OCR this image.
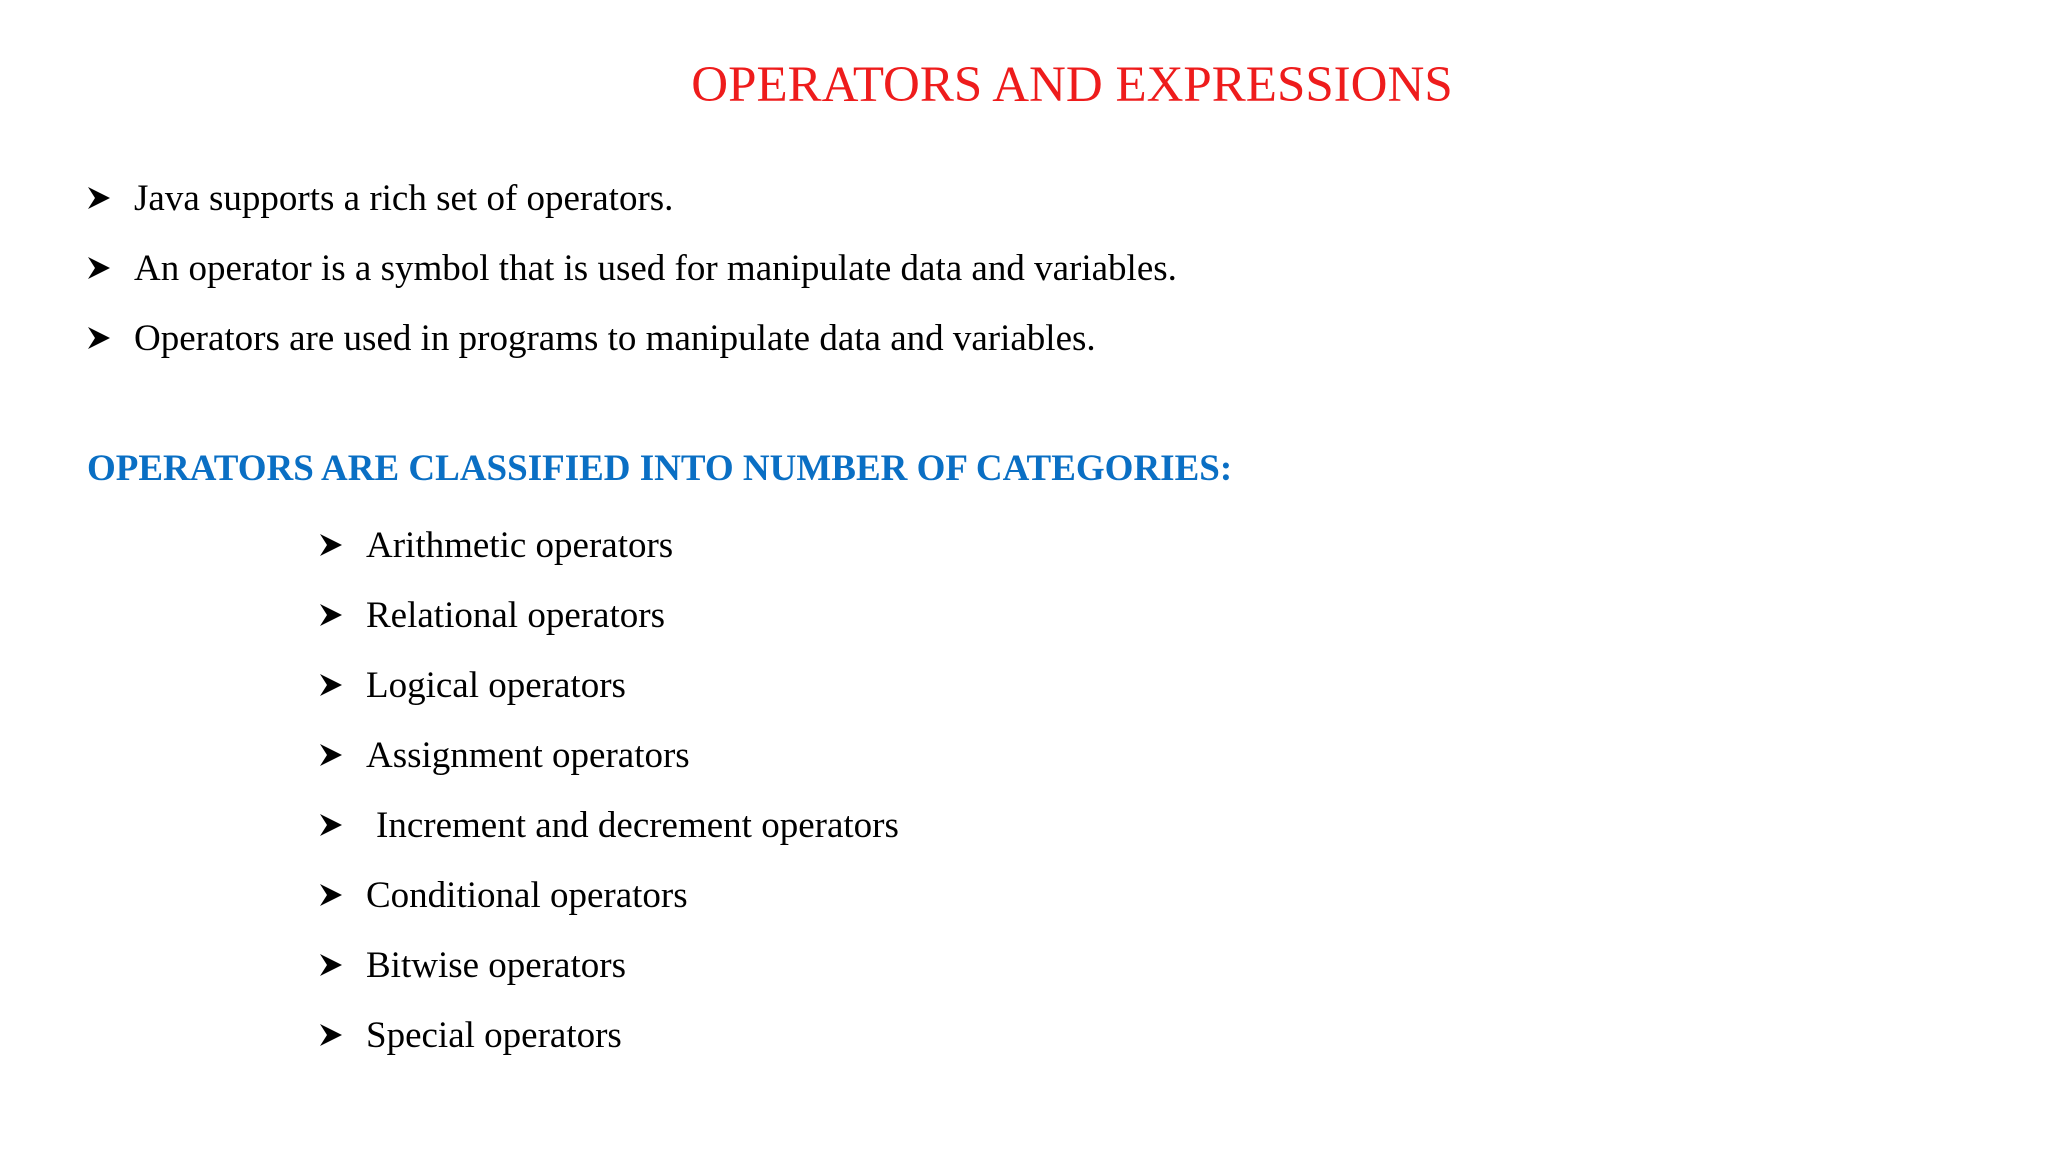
OPERATORS AND EXPRESSIONS
Java supports a rich set of operators.
An operator is a symbol that is used for manipulate data and variables.
Operators are used in programs to manipulate data and variables.
OPERATORS ARE CLASSIFIED INTO NUMBER OF CATEGORIES:
Arithmetic operators
Relational operators
Logical operators
Assignment operators
Increment and decrement operators
Conditional operators
Bitwise operators
Special operators
